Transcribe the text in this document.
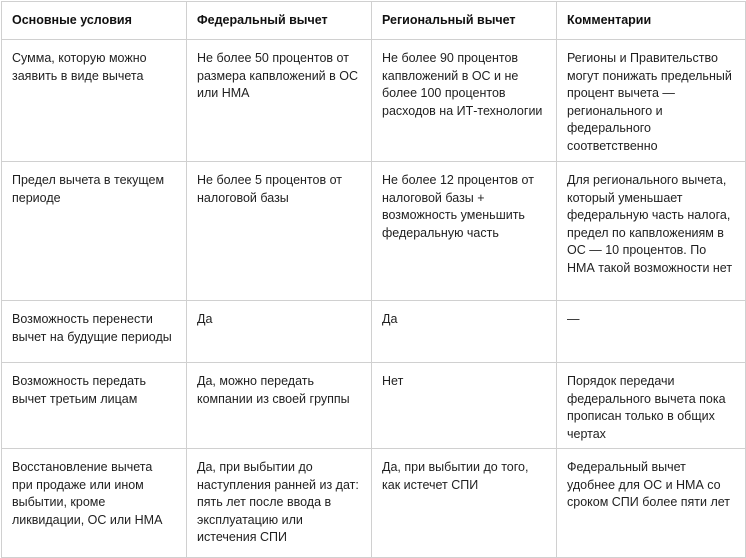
Основные условия	Федеральный вычет	Региональный вычет	Комментарии
Сумма, которую можно заявить в виде вычета	Не более 50 процентов от размера капвложений в ОС или НМА	Не более 90 процентов капвложений в ОС и не более 100 процентов расходов на ИТ-технологии	Регионы и Правительство могут понижать предельный процент вычета — регионального и федерального соответственно
Предел вычета в текущем периоде	Не более 5 процентов от налоговой базы	Не более 12 процентов от налоговой базы + возможность уменьшить федеральную часть	Для регионального вычета, который уменьшает федеральную часть налога, предел по капвложениям в ОС — 10 процентов. По НМА такой возможности нет
Возможность перенести вычет на будущие периоды	Да	Да	—
Возможность передать вычет третьим лицам	Да, можно передать компании из своей группы	Нет	Порядок передачи федерального вычета пока прописан только в общих чертах
Восстановление вычета при продаже или ином выбытии, кроме ликвидации, ОС или НМА	Да, при выбытии до наступления ранней из дат: пять лет после ввода в эксплуатацию или истечения СПИ	Да, при выбытии до того, как истечет СПИ	Федеральный вычет удобнее для ОС и НМА со сроком СПИ более пяти лет
